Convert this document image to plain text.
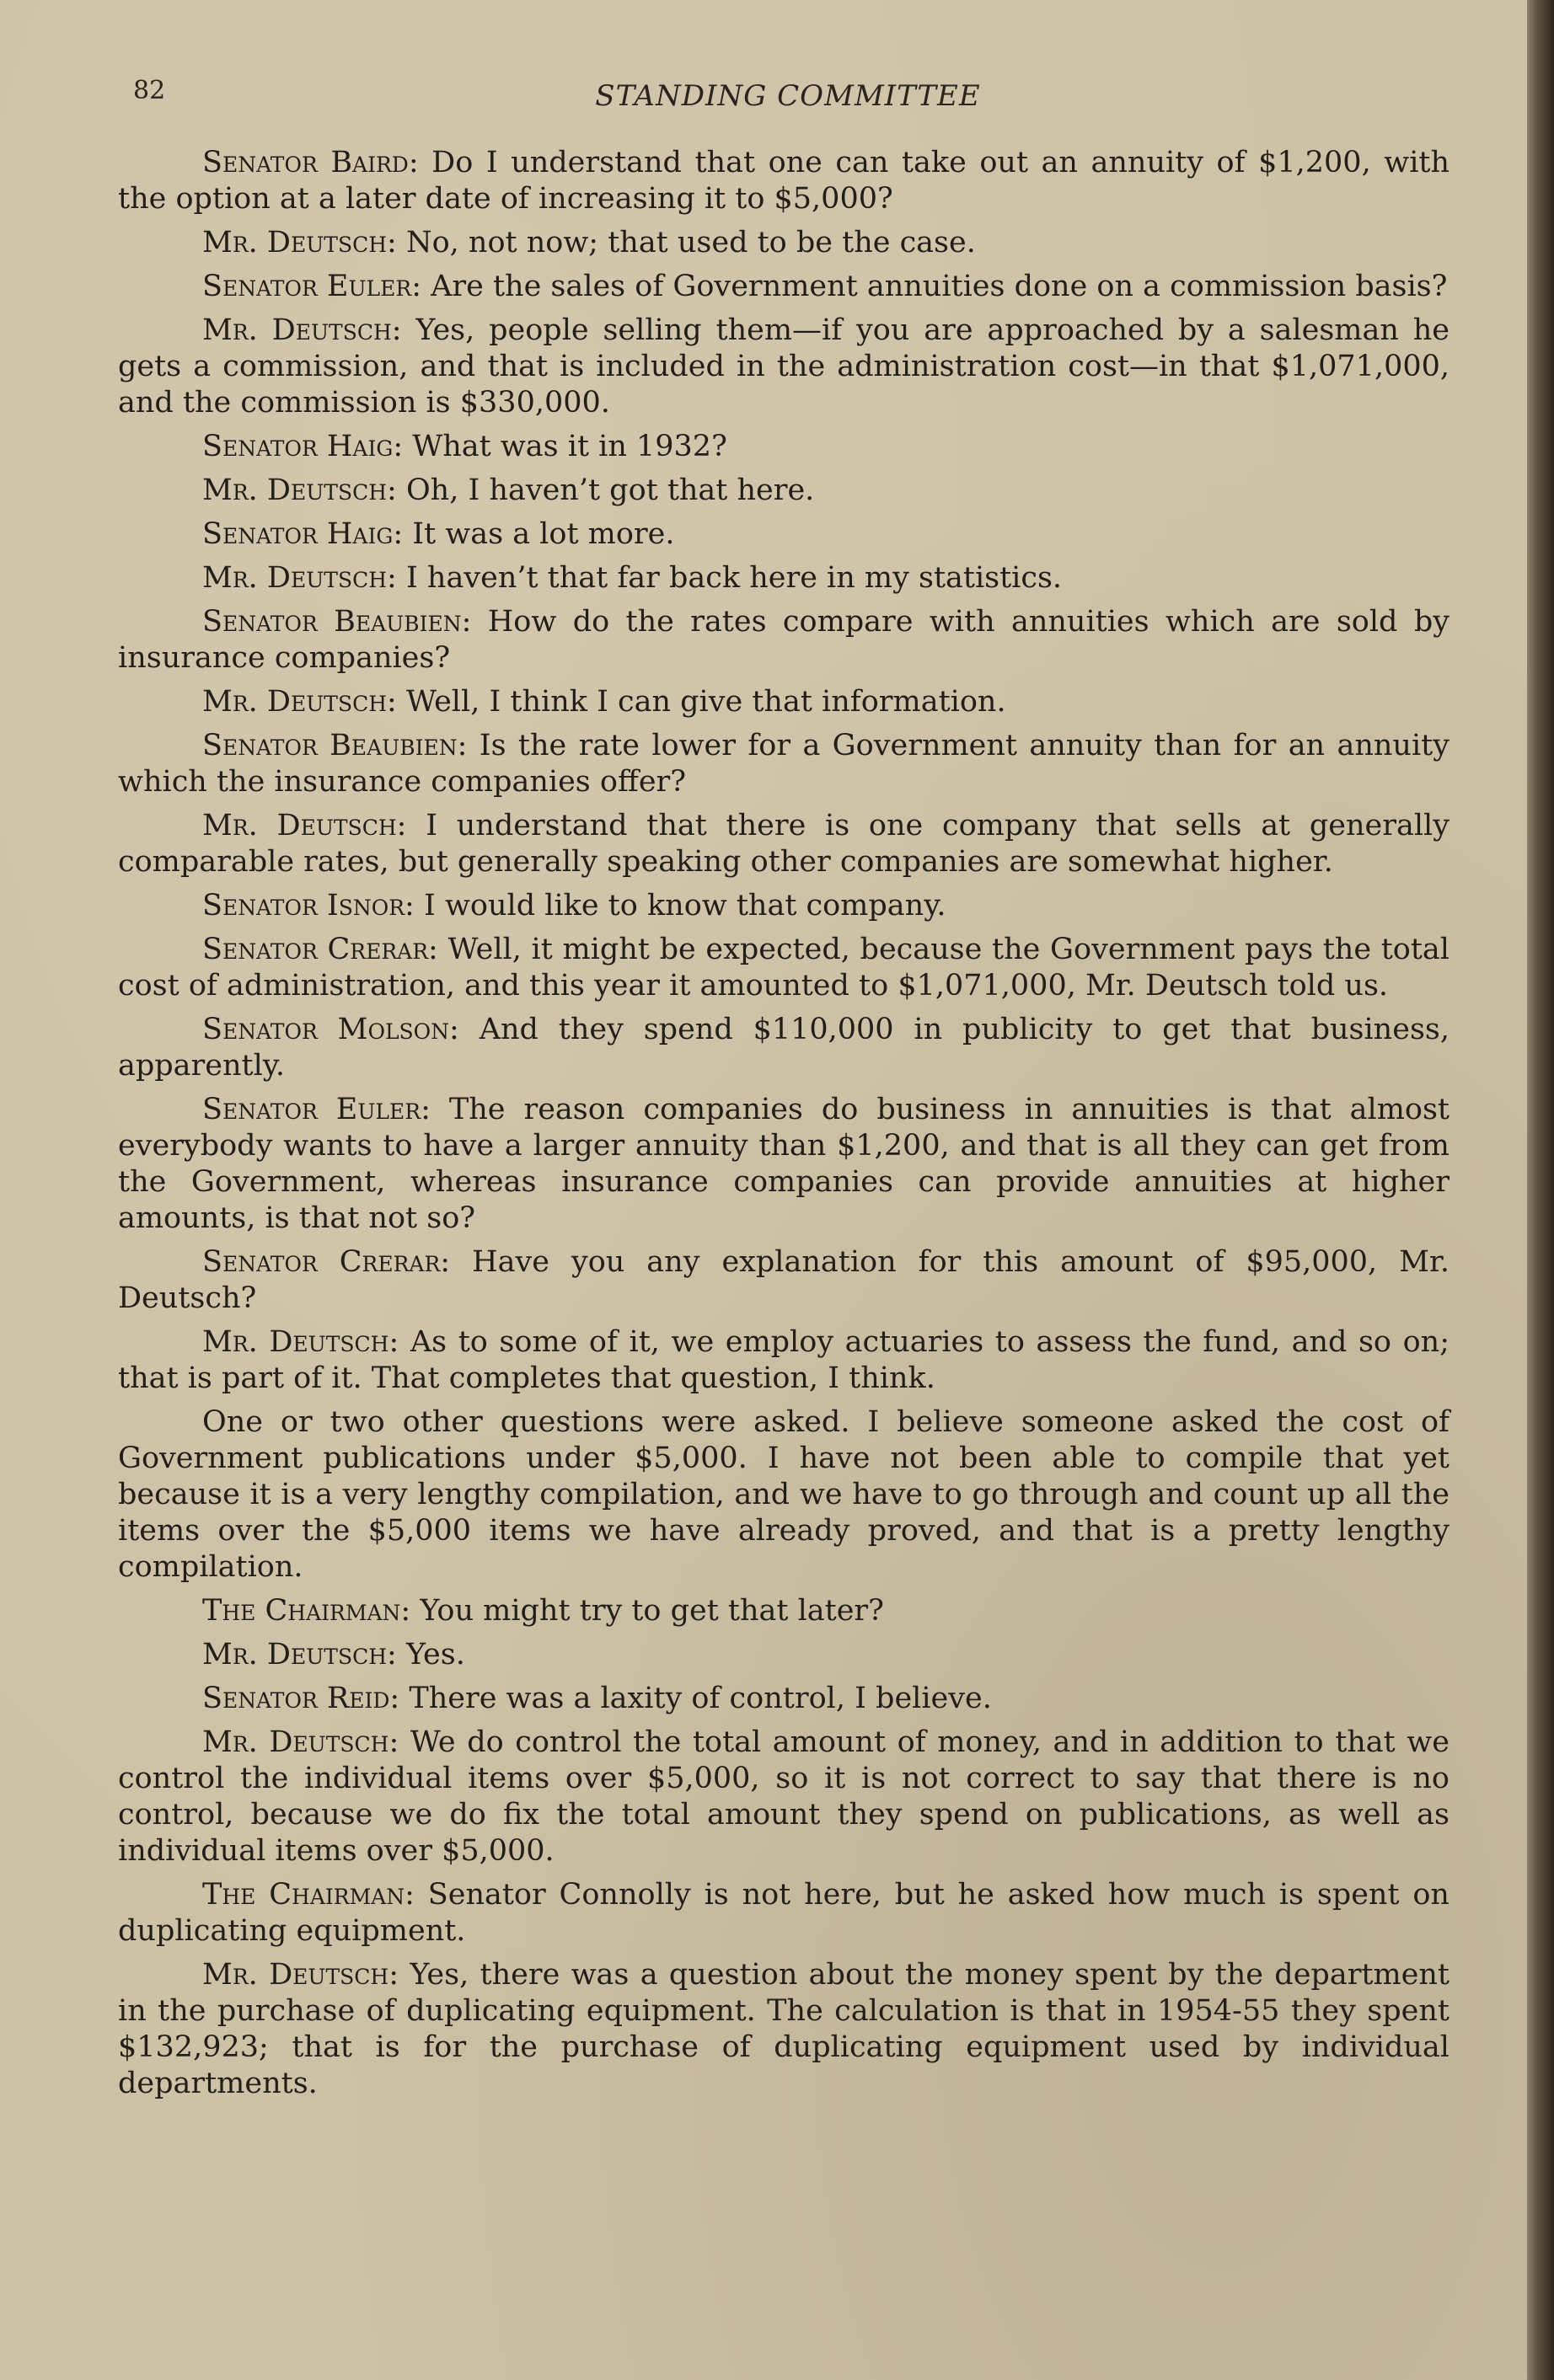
82	STANDING COMMITTEE

Senator Baird: Do I understand that one can take out an annuity of $1,200, with the option at a later date of increasing it to $5,000?

Mr. Deutsch: No, not now; that used to be the case.

Senator Euler: Are the sales of Government annuities done on a commission basis?

Mr. Deutsch: Yes, people selling them—if you are approached by a salesman he gets a commission, and that is included in the administration cost—in that $1,071,000, and the commission is $330,000.

Senator Haig: What was it in 1932?

Mr. Deutsch: Oh, I haven’t got that here.

Senator Haig: It was a lot more.

Mr. Deutsch: I haven’t that far back here in my statistics.

Senator Beaubien: How do the rates compare with annuities which are sold by insurance companies?

Mr. Deutsch: Well, I think I can give that information.

Senator Beaubien: Is the rate lower for a Government annuity than for an annuity which the insurance companies offer?

Mr. Deutsch: I understand that there is one company that sells at generally comparable rates, but generally speaking other companies are somewhat higher.

Senator Isnor: I would like to know that company.

Senator Crerar: Well, it might be expected, because the Government pays the total cost of administration, and this year it amounted to $1,071,000, Mr. Deutsch told us.

Senator Molson: And they spend $110,000 in publicity to get that business, apparently.

Senator Euler: The reason companies do business in annuities is that almost everybody wants to have a larger annuity than $1,200, and that is all they can get from the Government, whereas insurance companies can provide annuities at higher amounts, is that not so?

Senator Crerar: Have you any explanation for this amount of $95,000, Mr. Deutsch?

Mr. Deutsch: As to some of it, we employ actuaries to assess the fund, and so on; that is part of it. That completes that question, I think.

One or two other questions were asked. I believe someone asked the cost of Government publications under $5,000. I have not been able to compile that yet because it is a very lengthy compilation, and we have to go through and count up all the items over the $5,000 items we have already proved, and that is a pretty lengthy compilation.

The Chairman: You might try to get that later?

Mr. Deutsch: Yes.

Senator Reid: There was a laxity of control, I believe.

Mr. Deutsch: We do control the total amount of money, and in addition to that we control the individual items over $5,000, so it is not correct to say that there is no control, because we do fix the total amount they spend on publications, as well as individual items over $5,000.

The Chairman: Senator Connolly is not here, but he asked how much is spent on duplicating equipment.

Mr. Deutsch: Yes, there was a question about the money spent by the department in the purchase of duplicating equipment. The calculation is that in 1954-55 they spent $132,923; that is for the purchase of duplicating equipment used by individual departments.
